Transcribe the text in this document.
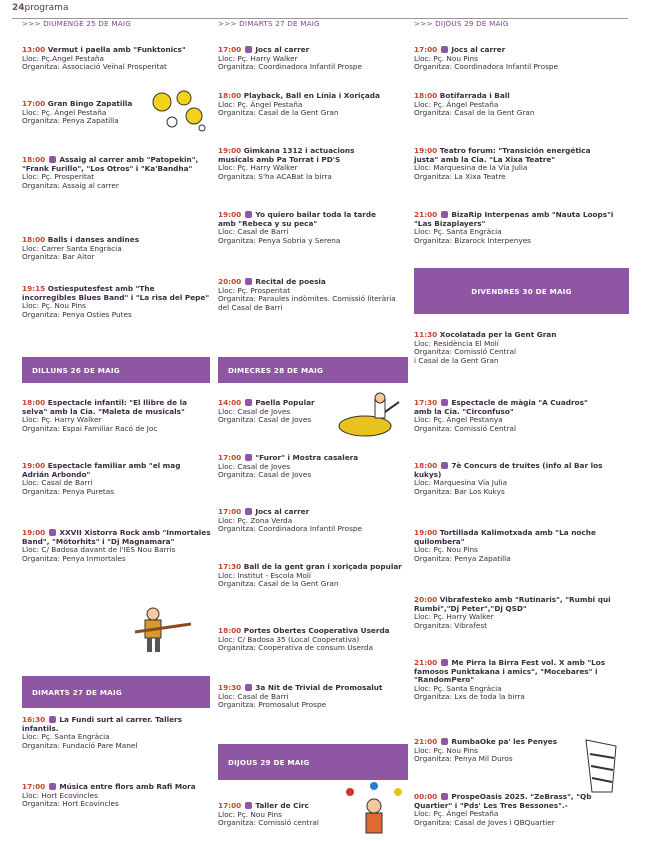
24programa
>>> DIUMENGE 25 DE MAIG	>>> DIMARTS 27 DE MAIG	>>> DIJOUS 29 DE MAIG
DILLUNS 26 DE MAIG	DIMECRES 28 DE MAIG
DIVENDRES 30 DE MAIG
DIMARTS 27 DE MAIG
DIJOUS 29 DE MAIG
13:00 Vermut i paella amb "Funktonics"
Lloc: Pç.Angel Pestaña
Organitza: Associació Veïnal Prosperitat
17:00 Gran Bingo Zapatilla
Lloc: Pç. Ángel Pestaña
Organitza: Penya Zapatilla
18:00 Assaig al carrer amb "Patopekin", "Frank Furillo", "Los Otros" i "Ka'Bandha"
Lloc: Pç. Prosperitat
Organitza: Assaig al carrer
18:00 Balls i danses andines
Lloc: Carrer Santa Engràcia
Organitza: Bar Aitor
19:15 Ostiesputesfest amb "The incorregibles Blues Band" i "La risa del Pepe"
Lloc: Pç. Nou Pins
Organitza: Penya Osties Putes
18:00 Espectacle infantil: "El llibre de la selva" amb la Cia. "Maleta de musicals"
Lloc: Pç. Harry Walker
Organitza: Espai Familiar Racó de Joc
19:00 Espectacle familiar amb "el mag Adrián Arbondo"
Lloc: Casal de Barri
Organitza: Penya Puretas
19:00 XXVII Xistorra Rock amb "Inmortales Band", "Mötorhits" i "Dj Magnamara"
Lloc: C/ Badosa davant de l'IES Nou Barris
Organitza: Penya Inmortales
16:30 La Fundi surt al carrer. Tallers infantils.
Lloc: Pç. Santa Engràcia
Organitza: Fundació Pare Manel
17:00 Música entre flors amb Rafi Mora
Lloc: Hort Ecovincles
Organitza: Hort Ecovincles
17:00 Jocs al carrer
Lloc: Pç. Harry Walker
Organitza: Coordinadora Infantil Prospe
18:00 Playback, Ball en Línia i Xoriçada
Lloc: Pç. Ángel Pestaña
Organitza: Casal de la Gent Gran
19:00 Gimkana 1312 i actuacions musicals amb Pa Torrat i PD'S
Lloc: Pç. Harry Walker
Organitza: S'ha ACABat la birra
19:00 Yo quiero bailar toda la tarde amb "Rebeca y su peca"
Lloc: Casal de Barri
Organitza: Penya Sobria y Serena
20:00 Recital de poesia
Lloc: Pç. Prosperitat
Organitza: Paraules indòmites. Comissió literària del Casal de Barri
14:00 Paella Popular
Lloc: Casal de Joves
Organitza: Casal de Joves
17:00 "Furor" i Mostra casalera
Lloc: Casal de Joves
Organitza: Casal de Joves
17:00 Jocs al carrer
Lloc: Pç. Zona Verda
Organitza: Coordinadora Infantil Prospe
17:30 Ball de la gent gran i xoriçada popular
Lloc: Institut - Escola Molí
Organitza: Casal de la Gent Gran
18:00 Portes Obertes Cooperativa Userda
Lloc: C/ Badosa 35 (Local Cooperativa)
Organitza: Cooperativa de consum Userda
19:30 3a Nit de Trivial de Promosalut
Lloc: Casal de Barri
Organitza: Promosalut Prospe
17:00 Taller de Circ
Lloc: Pç. Nou Pins
Organitza: Comissió central
17:00 Jocs al carrer
Lloc: Pç. Nou Pins
Organitza: Coordinadora Infantil Prospe
18:00 Botifarrada i Ball
Lloc: Pç. Ángel Pestaña
Organitza: Casal de la Gent Gran
19:00 Teatro forum: "Transición energética justa" amb la Cia. "La Xixa Teatre"
Lloc: Marquesina de la Vía Julia
Organitza: La Xixa Teatre
21:00 BizaRip Interpenas amb "Nauta Loops"i "Las Bizaplayers"
Lloc: Pç. Santa Engràcia
Organitza: Bizarock Interpenyes
11:30 Xocolatada per la Gent Gran
Lloc: Residència El Molí
Organitza: Comissió Central
i Casal de la Gent Gran
17:30 Espectacle de màgia "A Cuadros" amb la Cia. "Circonfuso"
Lloc: Pç. Ángel Pestanya
Organitza: Comissió Central
18:00 7è Concurs de truites (info al Bar los kukys)
Lloc: Marquesina Vía Julia
Organitza: Bar Los Kukys
19:00 Tortillada Kalimotxada amb "La noche quilombera"
Lloc: Pç. Nou Pins
Organitza: Penya Zapatilla
20:00 Vibrafesteko amb "Rutinaris", "Rumbi qui Rumbi","Dj Peter","Dj QSD"
Lloc: Pç. Harry Walker
Organitza: Vibrafest
21:00 Me Pirra la Birra Fest vol. X amb "Los famosos Punktakana i amics", "Mocebares" i "RandomPero"
Lloc: Pç. Santa Engràcia
Organitza: Lxs de toda la birra
21:00 RumbaOke pa' les Penyes
Lloc: Pç. Nou Pins
Organitza: Penya Mil Duros
00:00 ProspeOasis 2025. "ZeBrass", "Qb Quartier" i "Pds' Les Tres Bessones".-
Lloc: Pç. Ángel Pestaña
Organitza: Casal de Joves i QBQuartier
